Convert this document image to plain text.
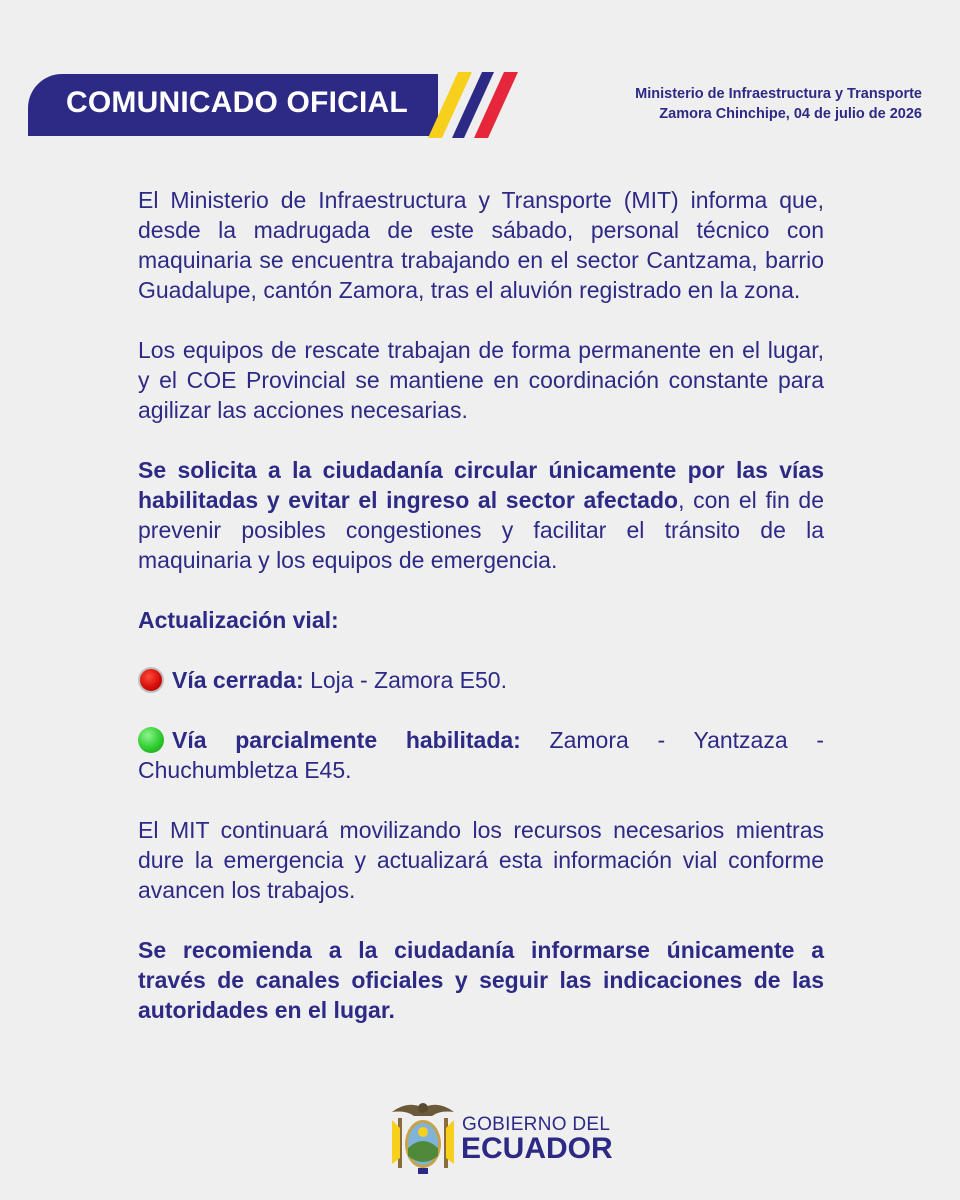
COMUNICADO OFICIAL	Ministerio de Infraestructura y Transporte
Zamora Chinchipe, 04 de julio de 2026

El Ministerio de Infraestructura y Transporte (MIT) informa que, desde la madrugada de este sábado, personal técnico con maquinaria se encuentra trabajando en el sector Cantzama, barrio Guadalupe, cantón Zamora, tras el aluvión registrado en la zona.

Los equipos de rescate trabajan de forma permanente en el lugar, y el COE Provincial se mantiene en coordinación constante para agilizar las acciones necesarias.

Se solicita a la ciudadanía circular únicamente por las vías habilitadas y evitar el ingreso al sector afectado, con el fin de prevenir posibles congestiones y facilitar el tránsito de la maquinaria y los equipos de emergencia.

Actualización vial:

Vía cerrada: Loja - Zamora E50.

Vía parcialmente habilitada: Zamora - Yantzaza - Chuchumbletza E45.

El MIT continuará movilizando los recursos necesarios mientras dure la emergencia y actualizará esta información vial conforme avancen los trabajos.

Se recomienda a la ciudadanía informarse únicamente a través de canales oficiales y seguir las indicaciones de las autoridades en el lugar.

GOBIERNO DEL
ECUADOR
